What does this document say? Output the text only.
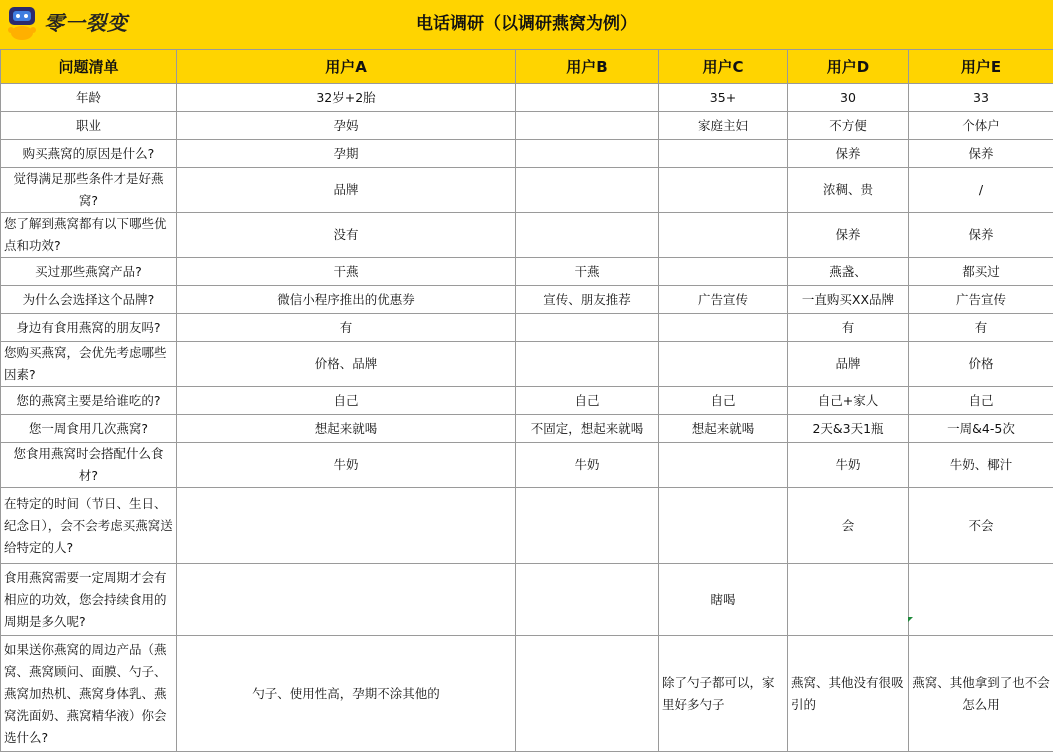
零一裂变	电话调研（以调研燕窝为例）
问题清单	用户A	用户B	用户C	用户D	用户E
年龄	32岁+2胎		35+	30	33
职业	孕妈		家庭主妇	不方便	个体户
购买燕窝的原因是什么?	孕期			保养	保养
觉得满足那些条件才是好燕窝?	品牌			浓稠、贵	/
您了解到燕窝都有以下哪些优点和功效?	没有			保养	保养
买过那些燕窝产品?	干燕	干燕		燕盏、	都买过
为什么会选择这个品牌?	微信小程序推出的优惠券	宣传、朋友推荐	广告宣传	一直购买XX品牌	广告宣传
身边有食用燕窝的朋友吗?	有			有	有
您购买燕窝，会优先考虑哪些因素?	价格、品牌			品牌	价格
您的燕窝主要是给谁吃的?	自己	自己	自己	自己+家人	自己
您一周食用几次燕窝?	想起来就喝	不固定，想起来就喝	想起来就喝	2天&3天1瓶	一周&4-5次
您食用燕窝时会搭配什么食材?	牛奶	牛奶		牛奶	牛奶、椰汁
在特定的时间（节日、生日、纪念日），会不会考虑买燕窝送给特定的人?				会	不会
食用燕窝需要一定周期才会有相应的功效，您会持续食用的周期是多久呢?			瞎喝		
如果送你燕窝的周边产品（燕窝、燕窝顾问、面膜、勺子、燕窝加热机、燕窝身体乳、燕窝洗面奶、燕窝精华液）你会选什么?	勺子、使用性高，孕期不涂其他的		除了勺子都可以，家里好多勺子	燕窝、其他没有很吸引的	燕窝、其他拿到了也不会怎么用
